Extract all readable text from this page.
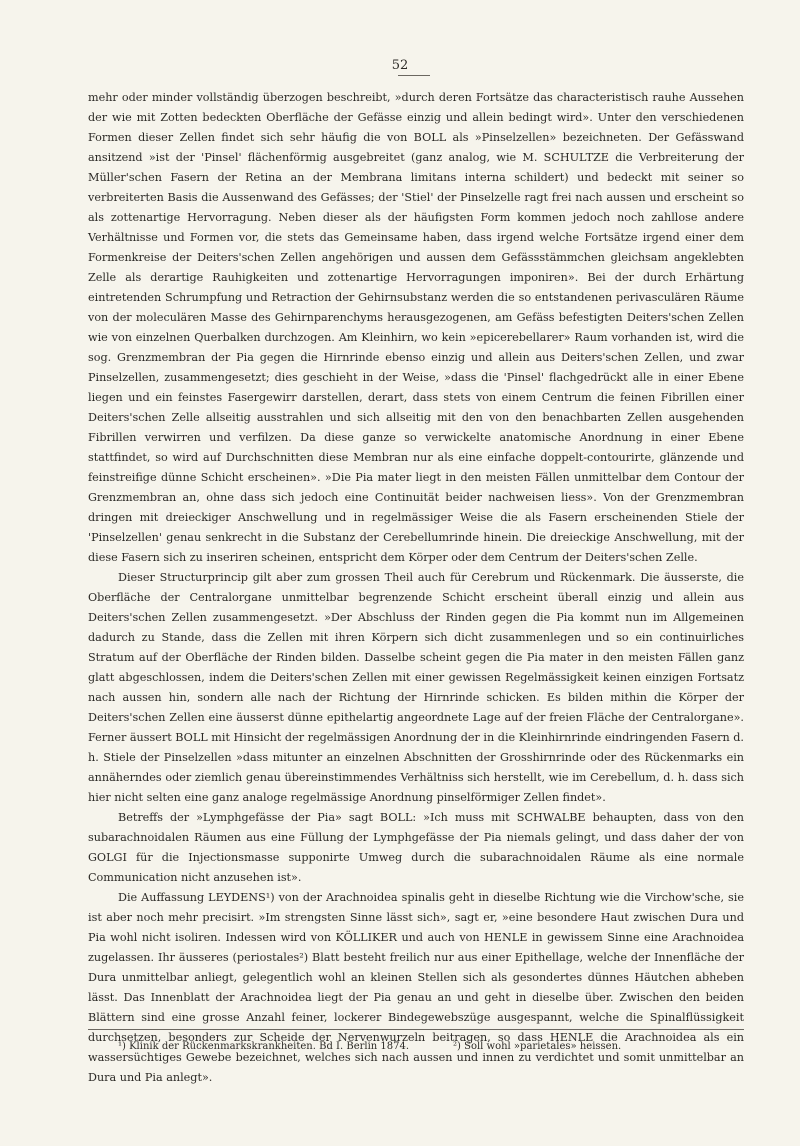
52

mehr oder minder vollständig überzogen beschreibt, »durch deren Fortsätze das characteristisch rauhe Aussehen der wie mit Zotten bedeckten Oberfläche der Gefässe einzig und allein bedingt wird». Unter den verschiedenen Formen dieser Zellen findet sich sehr häufig die von BOLL als »Pinselzellen» bezeichneten. Der Gefässwand ansitzend »ist der 'Pinsel' flächenförmig ausgebreitet (ganz analog, wie M. SCHULTZE die Verbreiterung der Müller'schen Fasern der Retina an der Membrana limitans interna schildert) und bedeckt mit seiner so verbreiterten Basis die Aussenwand des Gefässes; der 'Stiel' der Pinselzelle ragt frei nach aussen und erscheint so als zottenartige Hervorragung. Neben dieser als der häufigsten Form kommen jedoch noch zahllose andere Verhältnisse und Formen vor, die stets das Gemeinsame haben, dass irgend welche Fortsätze irgend einer dem Formenkreise der Deiters'schen Zellen angehörigen und aussen dem Gefässstämmchen gleichsam angeklebten Zelle als derartige Rauhigkeiten und zottenartige Hervorragungen imponiren». Bei der durch Erhärtung eintretenden Schrumpfung und Retraction der Gehirnsubstanz werden die so entstandenen perivasculären Räume von der moleculären Masse des Gehirnparenchyms herausgezogenen, am Gefäss befestigten Deiters'schen Zellen wie von einzelnen Querbalken durchzogen. Am Kleinhirn, wo kein »epicerebellarer» Raum vorhanden ist, wird die sog. Grenzmembran der Pia gegen die Hirnrinde ebenso einzig und allein aus Deiters'schen Zellen, und zwar Pinselzellen, zusammengesetzt; dies geschieht in der Weise, »dass die 'Pinsel' flachgedrückt alle in einer Ebene liegen und ein feinstes Fasergewirr darstellen, derart, dass stets von einem Centrum die feinen Fibrillen einer Deiters'schen Zelle allseitig ausstrahlen und sich allseitig mit den von den benachbarten Zellen ausgehenden Fibrillen verwirren und verfilzen. Da diese ganze so verwickelte anatomische Anordnung in einer Ebene stattfindet, so wird auf Durchschnitten diese Membran nur als eine einfache doppelt-contourirte, glänzende und feinstreifige dünne Schicht erscheinen». »Die Pia mater liegt in den meisten Fällen unmittelbar dem Contour der Grenzmembran an, ohne dass sich jedoch eine Continuität beider nachweisen liess». Von der Grenzmembran dringen mit dreieckiger Anschwellung und in regelmässiger Weise die als Fasern erscheinenden Stiele der 'Pinselzellen' genau senkrecht in die Substanz der Cerebellumrinde hinein. Die dreieckige Anschwellung, mit der diese Fasern sich zu inseriren scheinen, entspricht dem Körper oder dem Centrum der Deiters'schen Zelle.

Dieser Structurprincip gilt aber zum grossen Theil auch für Cerebrum und Rückenmark. Die äusserste, die Oberfläche der Centralorgane unmittelbar begrenzende Schicht erscheint überall einzig und allein aus Deiters'schen Zellen zusammengesetzt. »Der Abschluss der Rinden gegen die Pia kommt nun im Allgemeinen dadurch zu Stande, dass die Zellen mit ihren Körpern sich dicht zusammenlegen und so ein continuirliches Stratum auf der Oberfläche der Rinden bilden. Dasselbe scheint gegen die Pia mater in den meisten Fällen ganz glatt abgeschlossen, indem die Deiters'schen Zellen mit einer gewissen Regelmässigkeit keinen einzigen Fortsatz nach aussen hin, sondern alle nach der Richtung der Hirnrinde schicken. Es bilden mithin die Körper der Deiters'schen Zellen eine äusserst dünne epithelartig angeordnete Lage auf der freien Fläche der Centralorgane». Ferner äussert BOLL mit Hinsicht der regelmässigen Anordnung der in die Kleinhirnrinde eindringenden Fasern d. h. Stiele der Pinselzellen »dass mitunter an einzelnen Abschnitten der Grosshirnrinde oder des Rückenmarks ein annäherndes oder ziemlich genau übereinstimmendes Verhältniss sich herstellt, wie im Cerebellum, d. h. dass sich hier nicht selten eine ganz analoge regelmässige Anordnung pinselförmiger Zellen findet».

Betreffs der »Lymphgefässe der Pia» sagt BOLL: »Ich muss mit SCHWALBE behaupten, dass von den subarachnoidalen Räumen aus eine Füllung der Lymphgefässe der Pia niemals gelingt, und dass daher der von GOLGI für die Injectionsmasse supponirte Umweg durch die subarachnoidalen Räume als eine normale Communication nicht anzusehen ist».

Die Auffassung LEYDENS¹) von der Arachnoidea spinalis geht in dieselbe Richtung wie die Virchow'sche, sie ist aber noch mehr precisirt. »Im strengsten Sinne lässt sich», sagt er, »eine besondere Haut zwischen Dura und Pia wohl nicht isoliren. Indessen wird von KÖLLIKER und auch von HENLE in gewissem Sinne eine Arachnoidea zugelassen. Ihr äusseres (periostales²) Blatt besteht freilich nur aus einer Epithellage, welche der Innenfläche der Dura unmittelbar anliegt, gelegentlich wohl an kleinen Stellen sich als gesondertes dünnes Häutchen abheben lässt. Das Innenblatt der Arachnoidea liegt der Pia genau an und geht in dieselbe über. Zwischen den beiden Blättern sind eine grosse Anzahl feiner, lockerer Bindegewebszüge ausgespannt, welche die Spinalflüssigkeit durchsetzen, besonders zur Scheide der Nervenwurzeln beitragen, so dass HENLE die Arachnoidea als ein wassersüchtiges Gewebe bezeichnet, welches sich nach aussen und innen zu verdichtet und somit unmittelbar an Dura und Pia anlegt».

¹) Klinik der Rückenmarkskrankheiten. Bd I. Berlin 1874.	²) Soll wohl »parietales» heissen.
